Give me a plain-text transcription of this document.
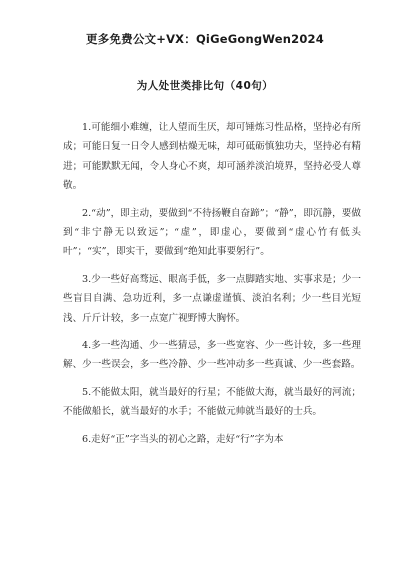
更多免费公文+VX：QiGeGongWen2024
为人处世类排比句（40句）

1.可能细小难缠，让人望而生厌，却可锤炼习性品格，坚持必有所成；可能日复一日令人感到枯燥无味，却可砥砺慎独功夫，坚持必有精进；可能默默无闻，令人身心不爽，却可涵养淡泊境界，坚持必受人尊敬。

2.“动”，即主动，要做到“不待扬鞭自奋蹄”；“静”，即沉静，要做到“非宁静无以致远”；“虚”，即虚心，要做到“虚心竹有低头叶”；“实”，即实干，要做到“绝知此事要躬行”。

3.少一些好高骛远、眼高手低，多一点脚踏实地、实事求是；少一些盲目自满、急功近利，多一点谦虚谨慎、淡泊名利；少一些目光短浅、斤斤计较，多一点宽广视野博大胸怀。

4.多一些沟通、少一些猜忌，多一些宽容、少一些计较，多一些理解、少一些误会，多一些冷静、少一些冲动多一些真诚、少一些套路。

5.不能做太阳，就当最好的行星；不能做大海，就当最好的河流；不能做船长，就当最好的水手；不能做元帅就当最好的士兵。

6.走好“正”字当头的初心之路，走好“行”字为本
